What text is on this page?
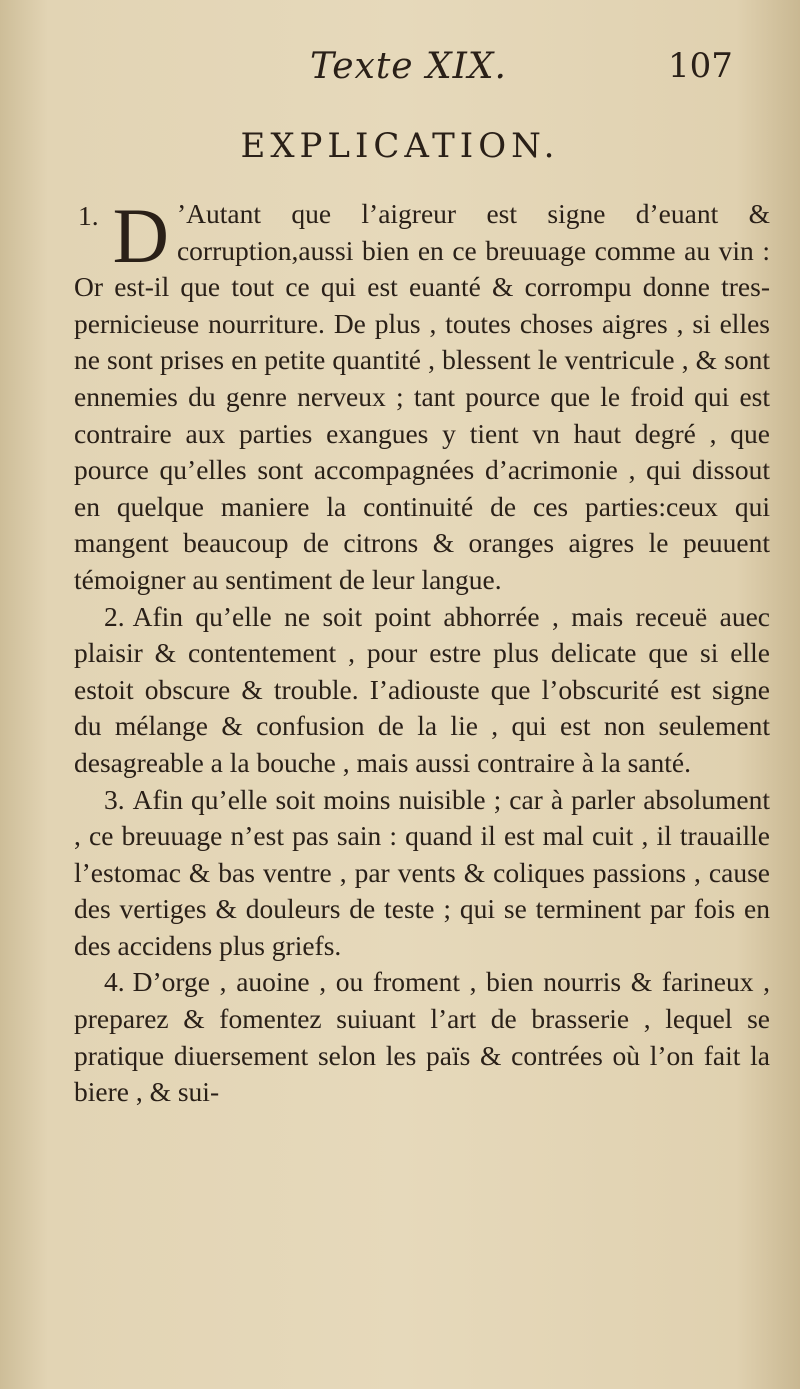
Texte XIX.	107
EXPLICATION.

1. D ’Autant que l’aigreur est signe d’euant & corruption,aussi bien en ce breuuage comme au vin : Or est-il que tout ce qui est euanté & corrompu donne tres-pernicieuse nourriture. De plus , toutes choses aigres , si elles ne sont prises en petite quantité , blessent le ventricule , & sont ennemies du genre nerveux ; tant pource que le froid qui est contraire aux parties exangues y tient vn haut degré , que pource qu’elles sont accompagnées d’acrimonie , qui dissout en quelque maniere la continuité de ces parties:ceux qui mangent beaucoup de citrons & oranges aigres le peuuent témoigner au sentiment de leur langue.

2. Afin qu’elle ne soit point abhorrée , mais receuë auec plaisir & contentement , pour estre plus delicate que si elle estoit obscure & trouble. I’adiouste que l’obscurité est signe du mélange & confusion de la lie , qui est non seulement desagreable a la bouche , mais aussi contraire à la santé.

3. Afin qu’elle soit moins nuisible ; car à parler absolument , ce breuuage n’est pas sain : quand il est mal cuit , il trauaille l’estomac & bas ventre , par vents & coliques passions , cause des vertiges & douleurs de teste ; qui se terminent par fois en des accidens plus griefs.

4. D’orge , auoine , ou froment , bien nourris & farineux , preparez & fomentez suiuant l’art de brasserie , lequel se pratique diuersement selon les païs & contrées où l’on fait la biere , & sui-
